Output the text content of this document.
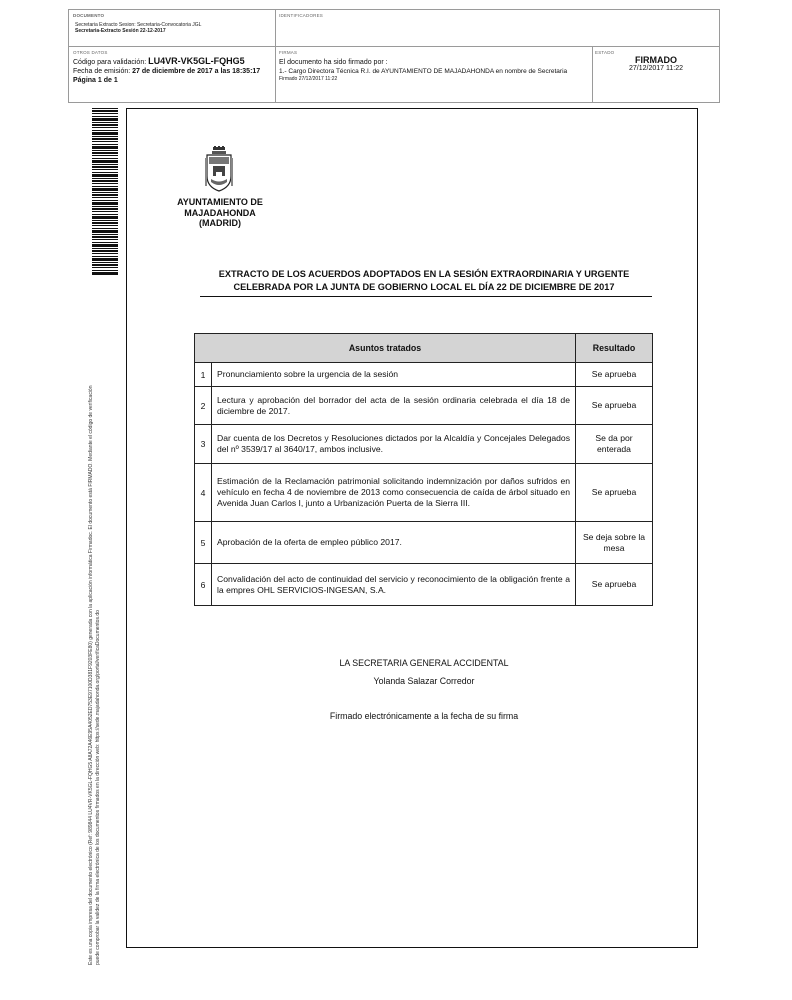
DOCUMENTO
Secretaria Extracto Sesion: Secretaria-Convocatoria JGL
Secretaria-Extracto Sesión 22-12-2017
IDENTIFICADORES
OTROS DATOS
Código para validación: LU4VR-VK5GL-FQHG5
Fecha de emisión: 27 de diciembre de 2017 a las 18:35:17
Página 1 de 1
FIRMAS
El documento ha sido firmado por :
1.- Cargo Directora Técnica R.I. de AYUNTAMIENTO DE MAJADAHONDA en nombre de Secretaria
Firmado 27/12/2017 11:22
ESTADO
FIRMADO
27/12/2017 11:22
Este es una copia impresa del documento electrónico (Ref: 989844 LU4VR-VK5GL-FQHG5 A8A72A46E95A4052ED753E97100D381F9203FE80) generada con la aplicación informática Firmadoc. El documento está FIRMADO. Mediante el código de verificación puede comprobar la validez de la firma electrónica de los documentos firmados en la dirección web: https://sede.majadahonda.org/portal/verificaDocumentos.do
AYUNTAMIENTO DE
MAJADAHONDA
(MADRID)
EXTRACTO DE LOS ACUERDOS ADOPTADOS EN LA SESIÓN EXTRAORDINARIA Y URGENTE
CELEBRADA POR LA JUNTA DE GOBIERNO LOCAL EL DÍA 22 DE DICIEMBRE DE 2017
Asuntos tratados		Resultado
1	Pronunciamiento sobre la urgencia de la sesión	Se aprueba
2	Lectura y aprobación del borrador del acta de la sesión ordinaria celebrada el día 18 de diciembre de 2017.	Se aprueba
3	Dar cuenta de los Decretos y Resoluciones dictados por la Alcaldía y Concejales Delegados del nº 3539/17 al 3640/17, ambos inclusive.	Se da por enterada
4	Estimación de la Reclamación patrimonial solicitando indemnización por daños sufridos en vehículo en fecha 4 de noviembre de 2013 como consecuencia de caída de árbol situado en Avenida Juan Carlos I, junto a Urbanización Puerta de la Sierra III.	Se aprueba
5	Aprobación de la oferta de empleo público 2017.	Se deja sobre la mesa
6	Convalidación del acto de continuidad del servicio y reconocimiento de la obligación frente a la empres OHL SERVICIOS-INGESAN, S.A.	Se aprueba
LA SECRETARIA GENERAL ACCIDENTAL
Yolanda Salazar Corredor
Firmado electrónicamente a la fecha de su firma
